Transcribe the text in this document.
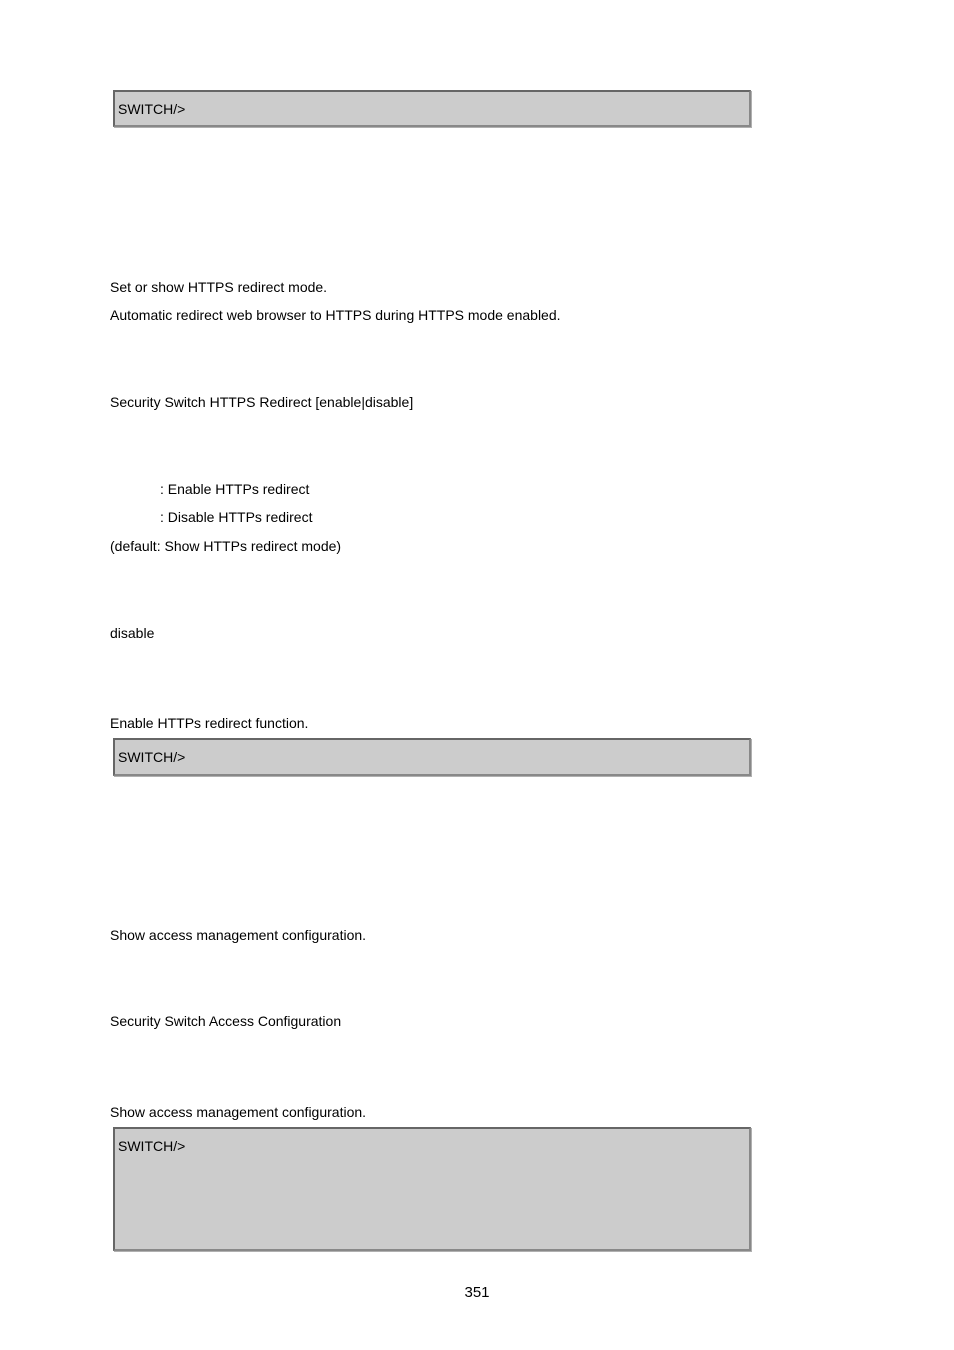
SWITCH/>
Set or show HTTPS redirect mode.
Automatic redirect web browser to HTTPS during HTTPS mode enabled.
Security Switch HTTPS Redirect [enable|disable]
: Enable HTTPs redirect
: Disable HTTPs redirect
(default: Show HTTPs redirect mode)
disable
Enable HTTPs redirect function.
SWITCH/>
Show access management configuration.
Security Switch Access Configuration
Show access management configuration.
SWITCH/>
351
